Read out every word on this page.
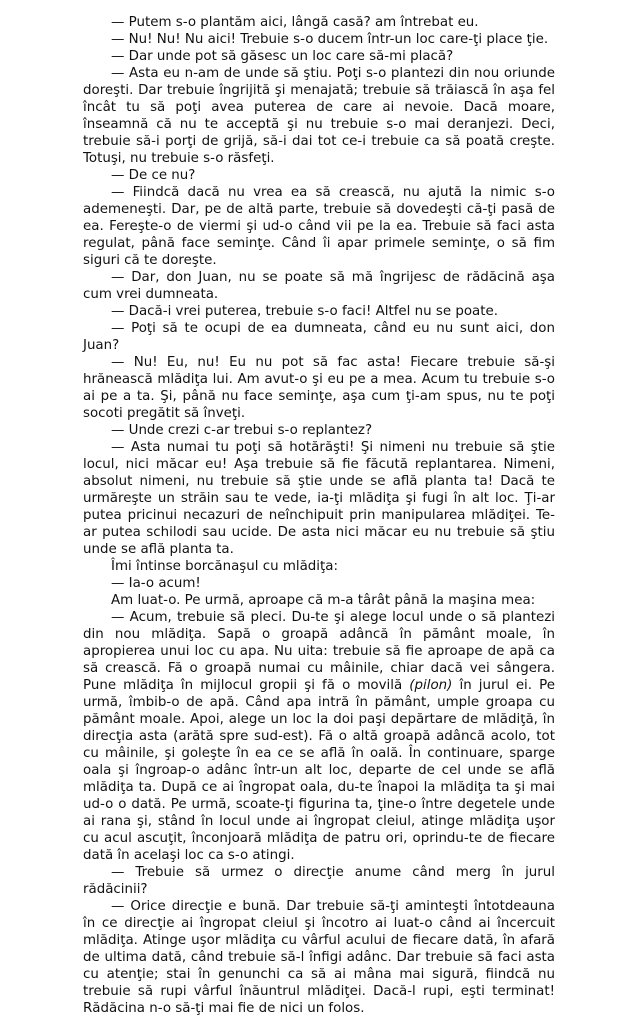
— Putem s-o plantăm aici, lângă casă? am întrebat eu.

— Nu! Nu! Nu aici! Trebuie s-o ducem într-un loc care-ţi place ţie.

— Dar unde pot să găsesc un loc care să-mi placă?

— Asta eu n-am de unde să ştiu. Poţi s-o plantezi din nou oriunde doreşti. Dar trebuie îngrijită şi menajată; trebuie să trăiască în aşa fel încât tu să poţi avea puterea de care ai nevoie. Dacă moare, înseamnă că nu te acceptă şi nu trebuie s-o mai deranjezi. Deci, trebuie să-i porţi de grijă, să-i dai tot ce-i trebuie ca să poată creşte. Totuşi, nu trebuie s-o răsfeţi.

— De ce nu?

— Fiindcă dacă nu vrea ea să crească, nu ajută la nimic s-o ademeneşti. Dar, pe de altă parte, trebuie să dovedeşti că-ţi pasă de ea. Fereşte-o de viermi şi ud-o când vii pe la ea. Trebuie să faci asta regulat, până face seminţe. Când îi apar primele seminţe, o să fim siguri că te doreşte.

— Dar, don Juan, nu se poate să mă îngrijesc de rădăcină aşa cum vrei dumneata.

— Dacă-i vrei puterea, trebuie s-o faci! Altfel nu se poate.

— Poţi să te ocupi de ea dumneata, când eu nu sunt aici, don Juan?

— Nu! Eu, nu! Eu nu pot să fac asta! Fiecare trebuie să-şi hrănească mlădiţa lui. Am avut-o şi eu pe a mea. Acum tu trebuie s-o ai pe a ta. Şi, până nu face seminţe, aşa cum ţi-am spus, nu te poţi socoti pregătit să înveţi.

— Unde crezi c-ar trebui s-o replantez?

— Asta numai tu poţi să hotărăşti! Şi nimeni nu trebuie să ştie locul, nici măcar eu! Aşa trebuie să fie făcută replantarea. Nimeni, absolut nimeni, nu trebuie să ştie unde se află planta ta! Dacă te urmăreşte un străin sau te vede, ia-ţi mlădiţa şi fugi în alt loc. Ţi-ar putea pricinui necazuri de neînchipuit prin manipularea mlădiţei. Te-ar putea schilodi sau ucide. De asta nici măcar eu nu trebuie să ştiu unde se află planta ta.

Îmi întinse borcănaşul cu mlădiţa:

— Ia-o acum!

Am luat-o. Pe urmă, aproape că m-a târât până la maşina mea:

— Acum, trebuie să pleci. Du-te şi alege locul unde o să plantezi din nou mlădiţa. Sapă o groapă adâncă în pământ moale, în apropierea unui loc cu apa. Nu uita: trebuie să fie aproape de apă ca să crească. Fă o groapă numai cu mâinile, chiar dacă vei sângera. Pune mlădiţa în mijlocul gropii şi fă o movilă (pilon) în jurul ei. Pe urmă, îmbib-o de apă. Când apa intră în pământ, umple groapa cu pământ moale. Apoi, alege un loc la doi paşi depărtare de mlădiţă, în direcţia asta (arătă spre sud-est). Fă o altă groapă adâncă acolo, tot cu mâinile, şi goleşte în ea ce se află în oală. În continuare, sparge oala şi îngroap-o adânc într-un alt loc, departe de cel unde se află mlădiţa ta. După ce ai îngropat oala, du-te înapoi la mlădiţa ta şi mai ud-o o dată. Pe urmă, scoate-ţi figurina ta, ţine-o între degetele unde ai rana şi, stând în locul unde ai îngropat cleiul, atinge mlădiţa uşor cu acul ascuţit, înconjoară mlădiţa de patru ori, oprindu-te de fiecare dată în acelaşi loc ca s-o atingi.

— Trebuie să urmez o direcţie anume când merg în jurul rădăcinii?

— Orice direcţie e bună. Dar trebuie să-ţi aminteşti întotdeauna în ce direcţie ai îngropat cleiul şi încotro ai luat-o când ai încercuit mlădiţa. Atinge uşor mlădiţa cu vârful acului de fiecare dată, în afară de ultima dată, când trebuie să-l înfigi adânc. Dar trebuie să faci asta cu atenţie; stai în genunchi ca să ai mâna mai sigură, fiindcă nu trebuie să rupi vârful înăuntrul mlădiţei. Dacă-l rupi, eşti terminat! Rădăcina n-o să-ţi mai fie de nici un folos.
